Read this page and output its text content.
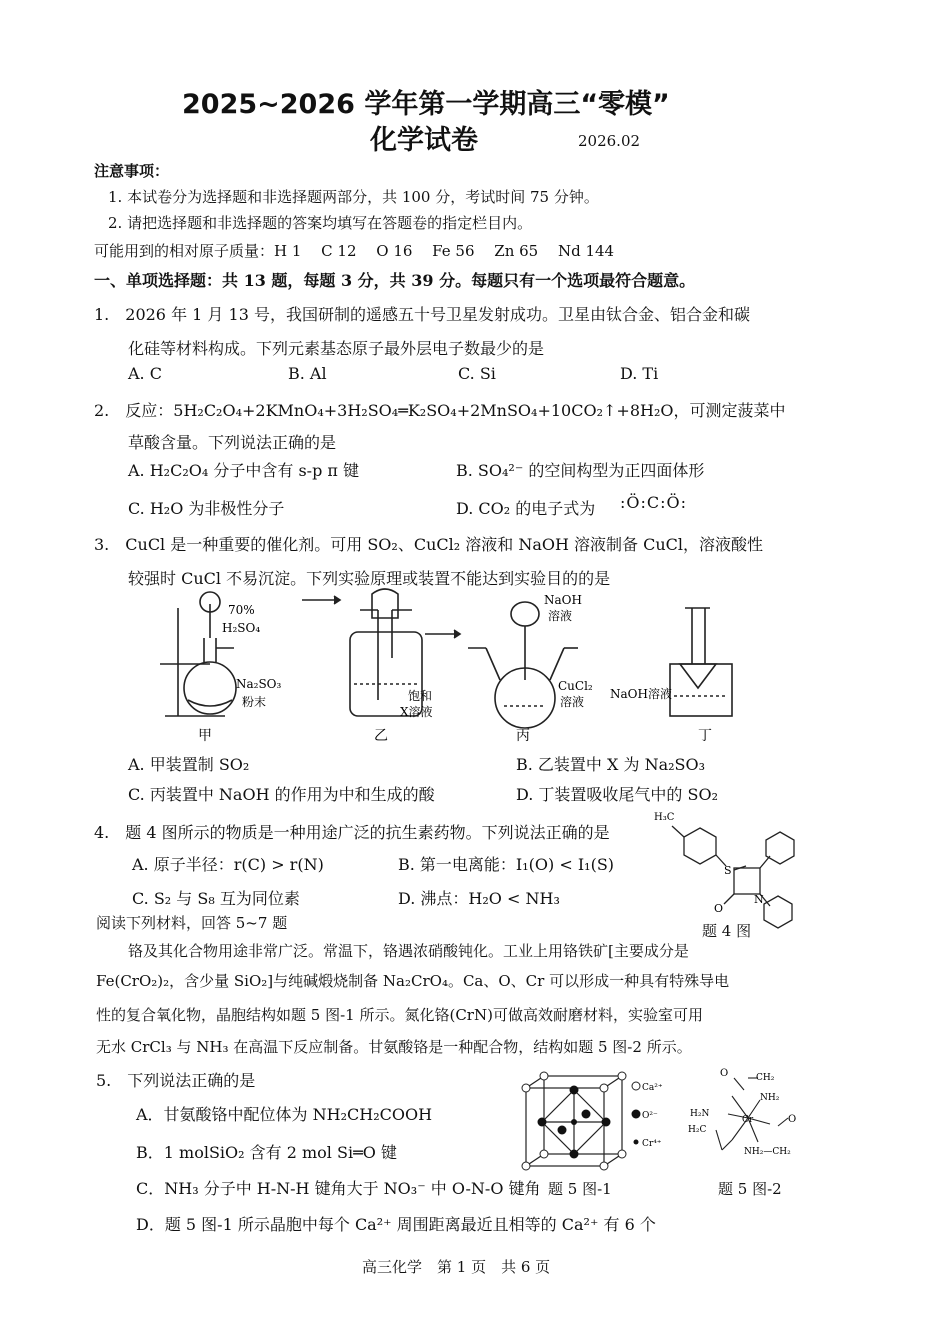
2025~2026 学年第一学期高三“零模”
化学试卷	2026.02
注意事项：
1. 本试卷分为选择题和非选择题两部分，共 100 分，考试时间 75 分钟。
2. 请把选择题和非选择题的答案均填写在答题卷的指定栏目内。
可能用到的相对原子质量：H 1　 C 12　 O 16　 Fe 56　 Zn 65　 Nd 144
一、单项选择题：共 13 题，每题 3 分，共 39 分。每题只有一个选项最符合题意。
1.　2026 年 1 月 13 号，我国研制的遥感五十号卫星发射成功。卫星由钛合金、铝合金和碳
化硅等材料构成。下列元素基态原子最外层电子数最少的是
A. C	B. Al	C. Si	D. Ti
2.　反应：5H₂C₂O₄+2KMnO₄+3H₂SO₄═K₂SO₄+2MnSO₄+10CO₂↑+8H₂O，可测定菠菜中
草酸含量。下列说法正确的是
A. H₂C₂O₄ 分子中含有 s-p π 键	B. SO₄²⁻ 的空间构型为正四面体形
C. H₂O 为非极性分子	D. CO₂ 的电子式为 :Ö:C:Ö:
3.　CuCl 是一种重要的催化剂。可用 SO₂、CuCl₂ 溶液和 NaOH 溶液制备 CuCl，溶液酸性
较强时 CuCl 不易沉淀。下列实验原理或装置不能达到实验目的的是
70%
H₂SO₄
Na₂SO₃
粉末	饱和
X溶液
NaOH
溶液
CuCl₂
溶液
NaOH溶液
甲	乙	丙	丁
A. 甲装置制 SO₂	B. 乙装置中 X 为 Na₂SO₃
C. 丙装置中 NaOH 的作用为中和生成的酸	D. 丁装置吸收尾气中的 SO₂
4.　题 4 图所示的物质是一种用途广泛的抗生素药物。下列说法正确的是
A. 原子半径：r(C) > r(N)	B. 第一电离能：I₁(O) < I₁(S)
C. S₂ 与 S₈ 互为同位素	D. 沸点：H₂O < NH₃
H₃C
S
O
N
题 4 图
阅读下列材料，回答 5~7 题
铬及其化合物用途非常广泛。常温下，铬遇浓硝酸钝化。工业上用铬铁矿[主要成分是
Fe(CrO₂)₂，含少量 SiO₂]与纯碱煅烧制备 Na₂CrO₄。Ca、O、Cr 可以形成一种具有特殊导电
性的复合氧化物，晶胞结构如题 5 图-1 所示。氮化铬(CrN)可做高效耐磨材料，实验室可用
无水 CrCl₃ 与 NH₃ 在高温下反应制备。甘氨酸铬是一种配合物，结构如题 5 图-2 所示。
5.　下列说法正确的是
A．甘氨酸铬中配位体为 NH₂CH₂COOH
B．1 molSiO₂ 含有 2 mol Si═O 键
C．NH₃ 分子中 H-N-H 键角大于 NO₃⁻ 中 O-N-O 键角
D．题 5 图-1 所示晶胞中每个 Ca²⁺ 周围距离最近且相等的 Ca²⁺ 有 6 个
Ca²⁺
O²⁻
Cr⁴⁺
题 5 图-1
O	CH₂
NH₂
H₂N
Cr
H₂C
NH₂—CH₂
O
题 5 图-2
高三化学　第 1 页　共 6 页
